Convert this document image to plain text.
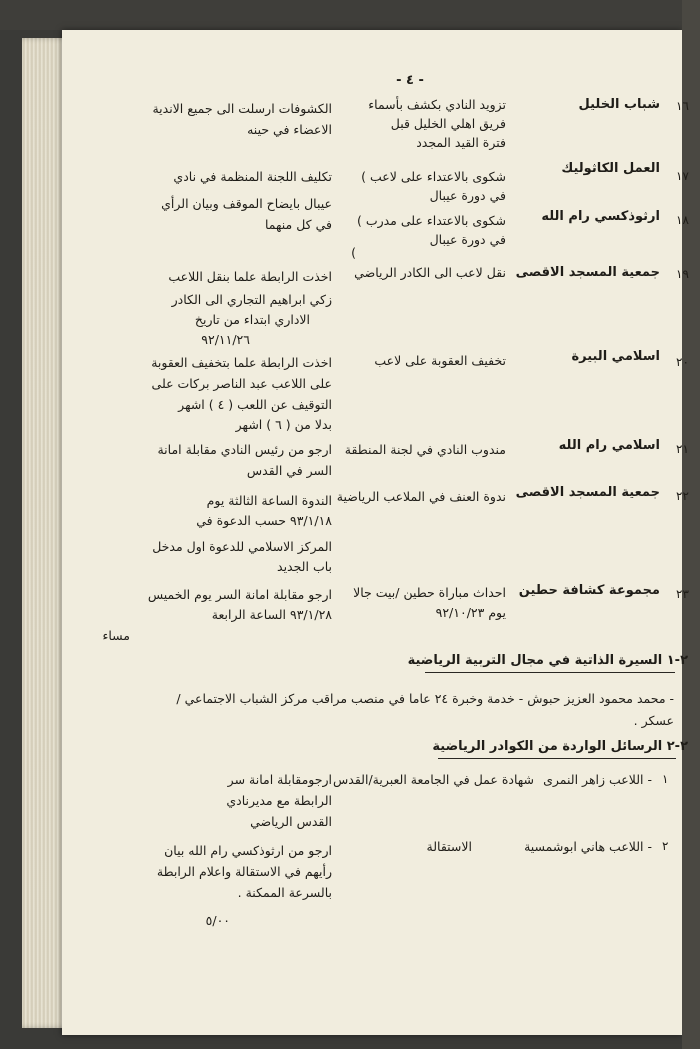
- ٤ -
١٦
شباب الخليل
تزويد النادي بكشف بأسماء
فريق اهلي الخليل قبل
فترة القيد المجدد
الكشوفات ارسلت الى جميع الاندية
الاعضاء في حينه
١٧
العمل الكاثوليك
شكوى بالاعتداء على لاعب )
في دورة عيبال
تكليف اللجنة المنظمة في نادي
عيبال بايضاح الموقف وبيان الرأي
في كل منهما	١٨
ارثوذكسي رام الله
شكوى بالاعتداء على مدرب )
في دورة عيبال
)
١٩
جمعية المسجد الاقصى
نقل لاعب الى الكادر الرياضي
اخذت الرابطة علما بنقل اللاعب
زكي ابراهيم التجاري الى الكادر
الاداري ابتداء من تاريخ
٩٢/١١/٢٦
٢٠
اسلامي البيرة
تخفيف العقوبة على لاعب
اخذت الرابطة علما بتخفيف العقوبة
على اللاعب عبد الناصر بركات على
التوقيف عن اللعب ( ٤ ) اشهر
بدلا من ( ٦ ) اشهر
٢١
اسلامي رام الله
مندوب النادي في لجنة المنطقة
ارجو من رئيس النادي مقابلة امانة
السر في القدس
٢٢
جمعية المسجد الاقصى
ندوة العنف في الملاعب الرياضية
الندوة الساعة الثالثة يوم
٩٣/١/١٨ حسب الدعوة في
المركز الاسلامي للدعوة اول مدخل
باب الجديد
٢٣
مجموعة كشافة حطين
احداث مباراة حطين /بيت جالا
يوم ٩٢/١٠/٢٣
ارجو مقابلة امانة السر يوم الخميس
٩٣/١/٢٨ الساعة الرابعة
مساء
٢-١ السيرة الذاتية في مجال التربية الرياضية
- محمد محمود العزيز حبوش - خدمة وخبرة ٢٤ عاما في منصب مراقب مركز الشباب الاجتماعي /
عسكر .
٢-٢ الرسائل الواردة من الكوادر الرياضية
١
- اللاعب زاهر النمرى
شهادة عمل في الجامعة العبرية/القدس
ارجومقابلة امانة سر
الرابطة مع مديرنادي
القدس الرياضي
٢
- اللاعب هاني ابوشمسية
الاستقالة
ارجو من ارثوذكسي رام الله بيان
رأيهم في الاستقالة واعلام الرابطة
بالسرعة الممكنة .
٥/٠٠
